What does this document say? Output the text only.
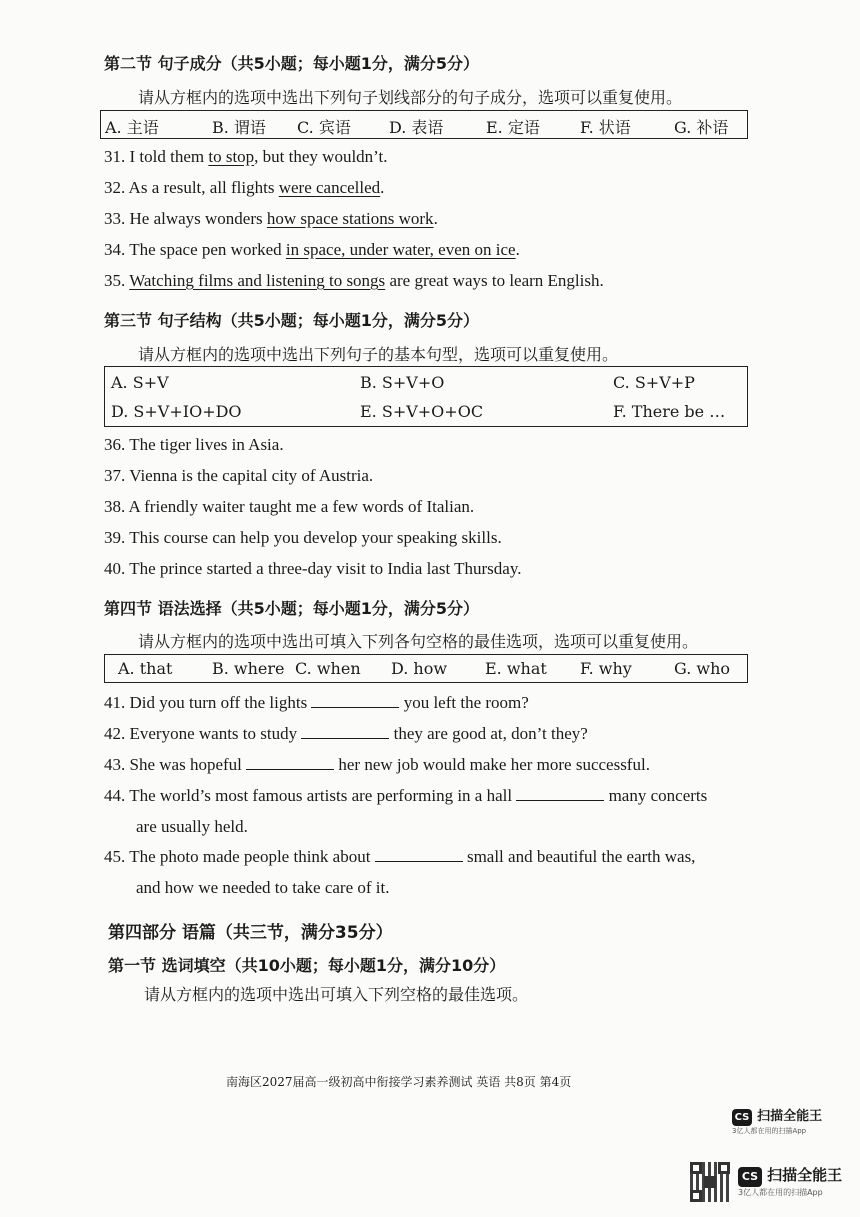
第二节 句子成分（共5小题；每小题1分，满分5分）
请从方框内的选项中选出下列句子划线部分的句子成分，选项可以重复使用。
A. 主语	B. 谓语 C. 宾语 D. 表语	E. 定语	F. 状语	G. 补语
31. I told them to stop, but they wouldn’t.
32. As a result, all flights were cancelled.
33. He always wonders how space stations work.
34. The space pen worked in space, under water, even on ice.
35. Watching films and listening to songs are great ways to learn English.
第三节 句子结构（共5小题；每小题1分，满分5分）
请从方框内的选项中选出下列句子的基本句型，选项可以重复使用。
A. S+V	B. S+V+O	C. S+V+P
D. S+V+IO+DO	E. S+V+O+OC	F. There be …
36. The tiger lives in Asia.
37. Vienna is the capital city of Austria.
38. A friendly waiter taught me a few words of Italian.
39. This course can help you develop your speaking skills.
40. The prince started a three-day visit to India last Thursday.
第四节 语法选择（共5小题；每小题1分，满分5分）
请从方框内的选项中选出可填入下列各句空格的最佳选项，选项可以重复使用。
A. that B. where C. when D. how E. what F. why	G. who
41. Did you turn off the lights	you left the room?
42. Everyone wants to study	they are good at, don’t they?
43. She was hopeful	her new job would make her more successful.
44. The world’s most famous artists are performing in a hall	many concerts
are usually held.
45. The photo made people think about	small and beautiful the earth was,
and how we needed to take care of it.
第四部分 语篇（共三节，满分35分）
第一节 选词填空（共10小题；每小题1分，满分10分）
请从方框内的选项中选出可填入下列空格的最佳选项。
南海区2027届高一级初高中衔接学习素养测试 英语 共8页 第4页
CS 扫描全能王
3亿人都在用的扫描App
CS 扫描全能王
3亿人都在用的扫描App
